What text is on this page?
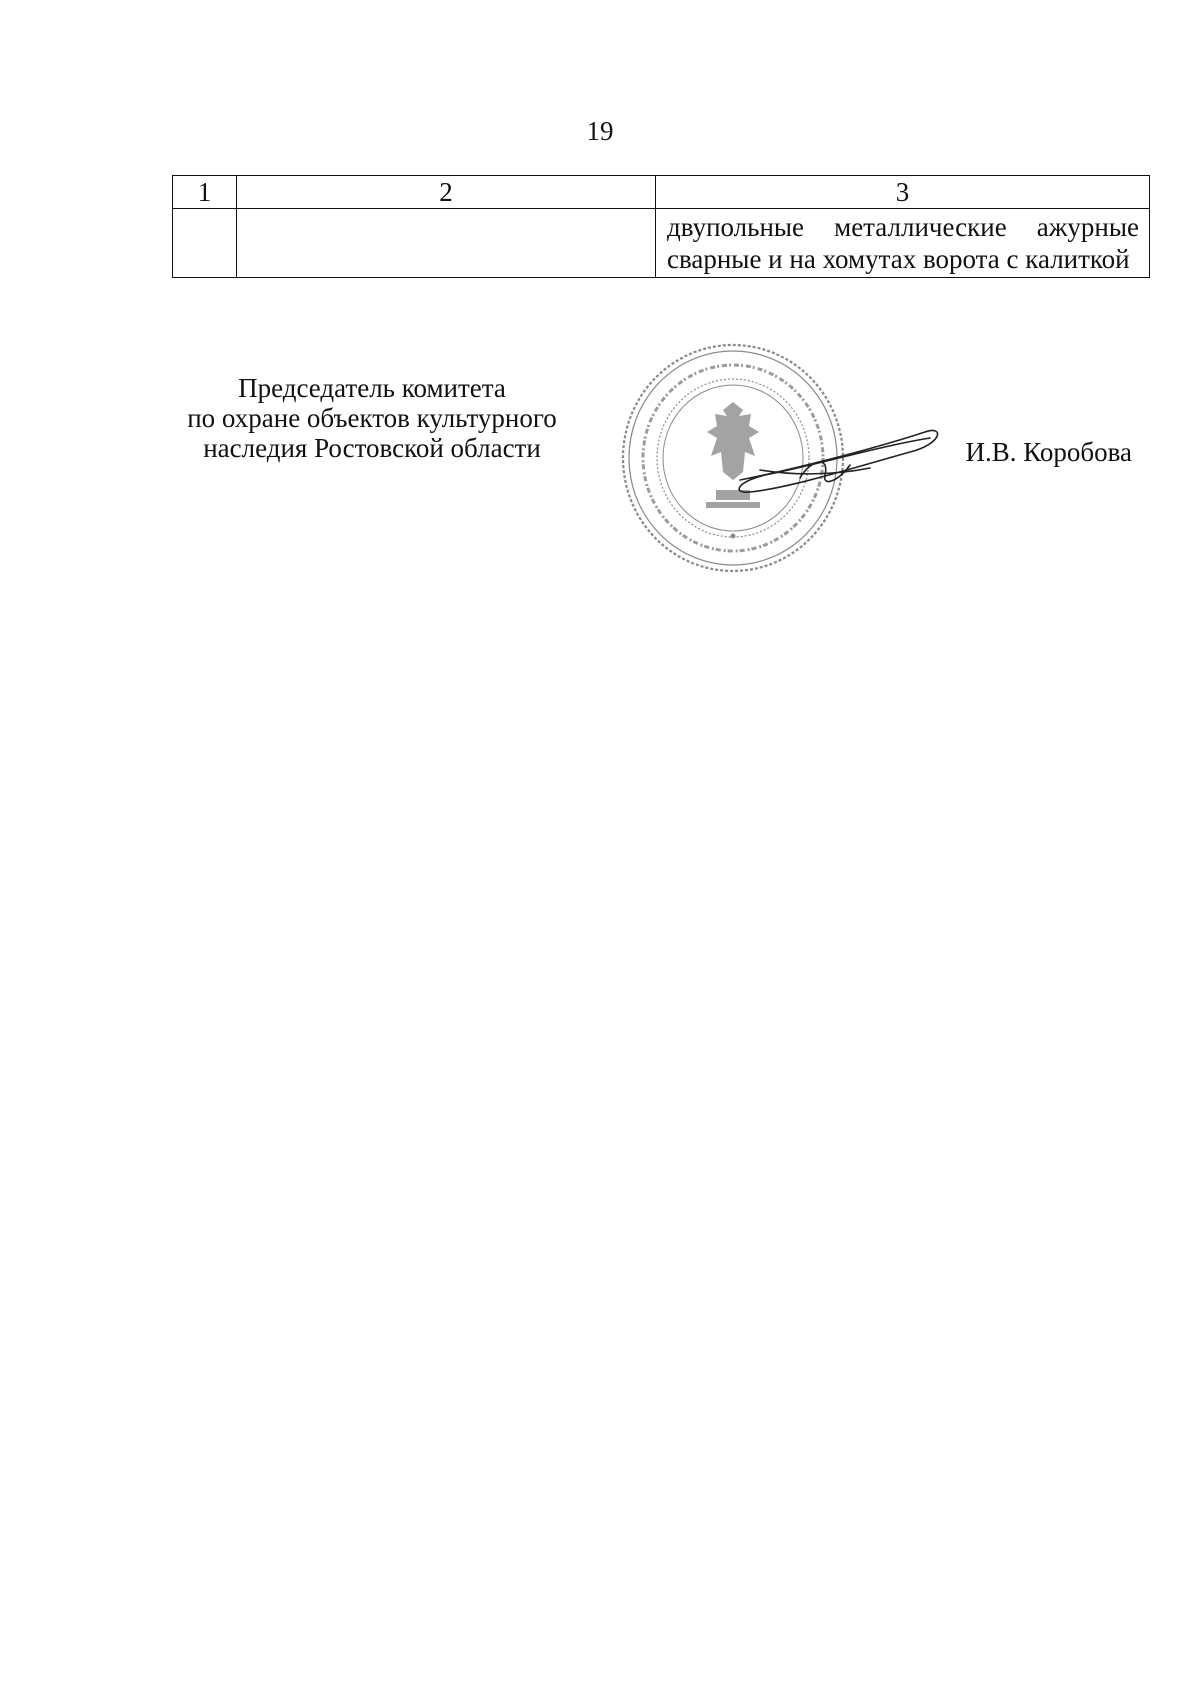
19
1	2	3

		двупольные металлические ажурные сварные и на хомутах ворота с калиткой
Председатель комитета
по охране объектов культурного
наследия Ростовской области	И.В. Коробова
